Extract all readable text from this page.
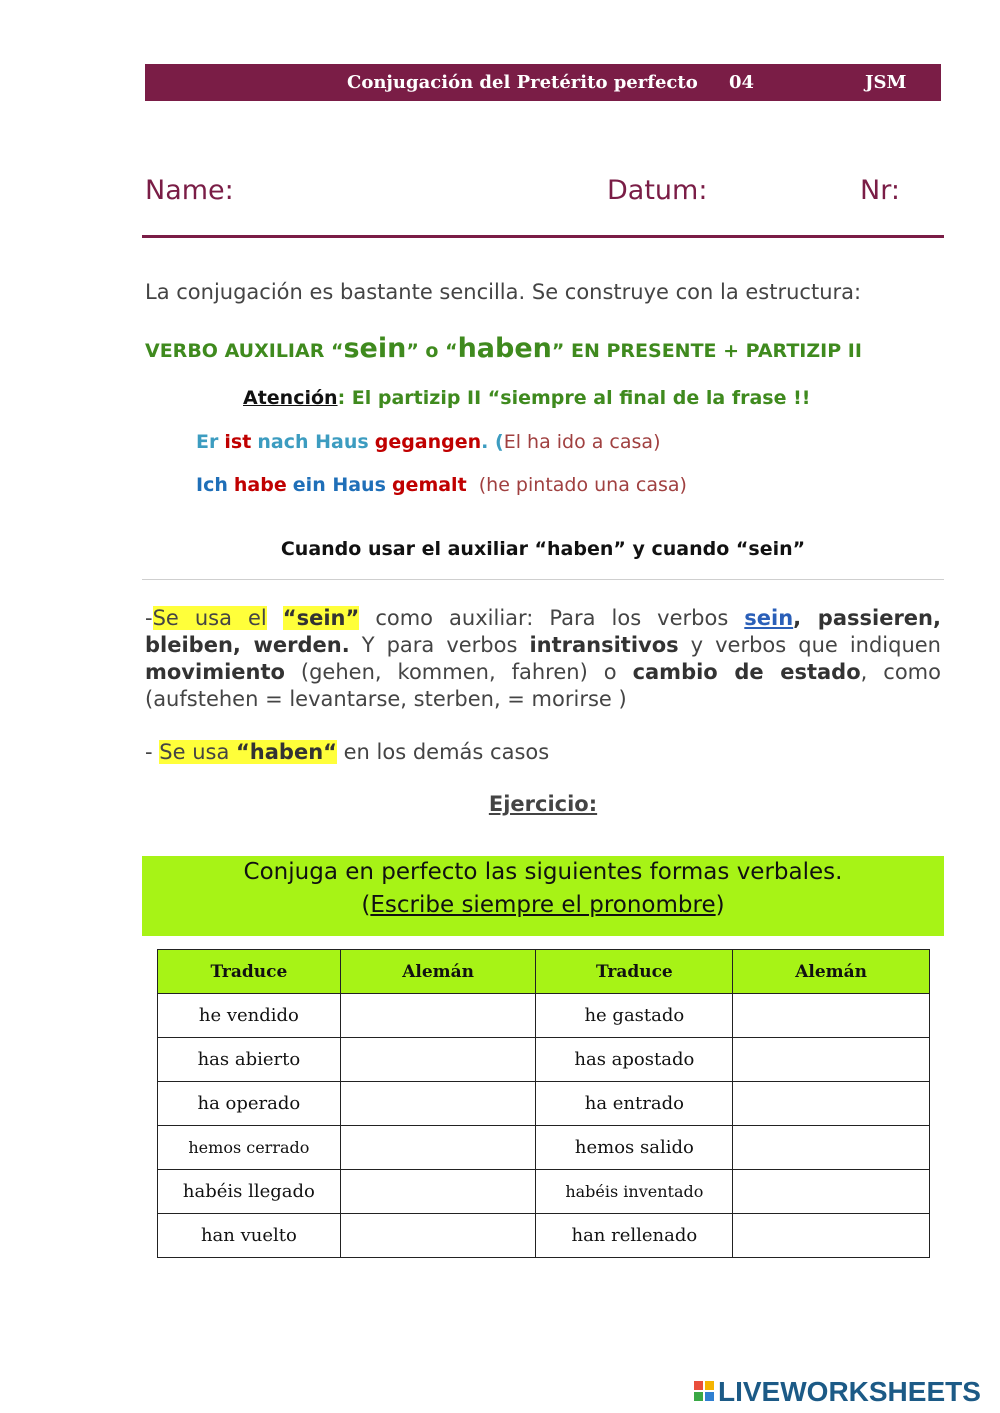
Conjugación del Pretérito perfecto 04	JSM
Name:	Datum:	Nr:
La conjugación es bastante sencilla. Se construye con la estructura:
VERBO AUXILIAR “sein” o “haben” EN PRESENTE + PARTIZIP II
Atención: El partizip II “siempre al final de la frase !!
Er ist nach Haus gegangen. (El ha ido a casa)
Ich habe ein Haus gemalt (he pintado una casa)
Cuando usar el auxiliar “haben” y cuando “sein”
-Se usa el “sein” como auxiliar: Para los verbos sein, passieren, bleiben, werden. Y para verbos intransitivos y verbos que indiquen movimiento (gehen, kommen, fahren) o cambio de estado, como (aufstehen = levantarse, sterben, = morirse )
- Se usa “haben“ en los demás casos
Ejercicio:
Conjuga en perfecto las siguientes formas verbales.
(Escribe siempre el pronombre)
Traduce	Alemán	Traduce	Alemán
he vendido		he gastado	
has abierto		has apostado	
ha operado		ha entrado	
hemos cerrado		hemos salido	
habéis llegado		habéis inventado	
han vuelto		han rellenado	
LIVEWORKSHEETS
